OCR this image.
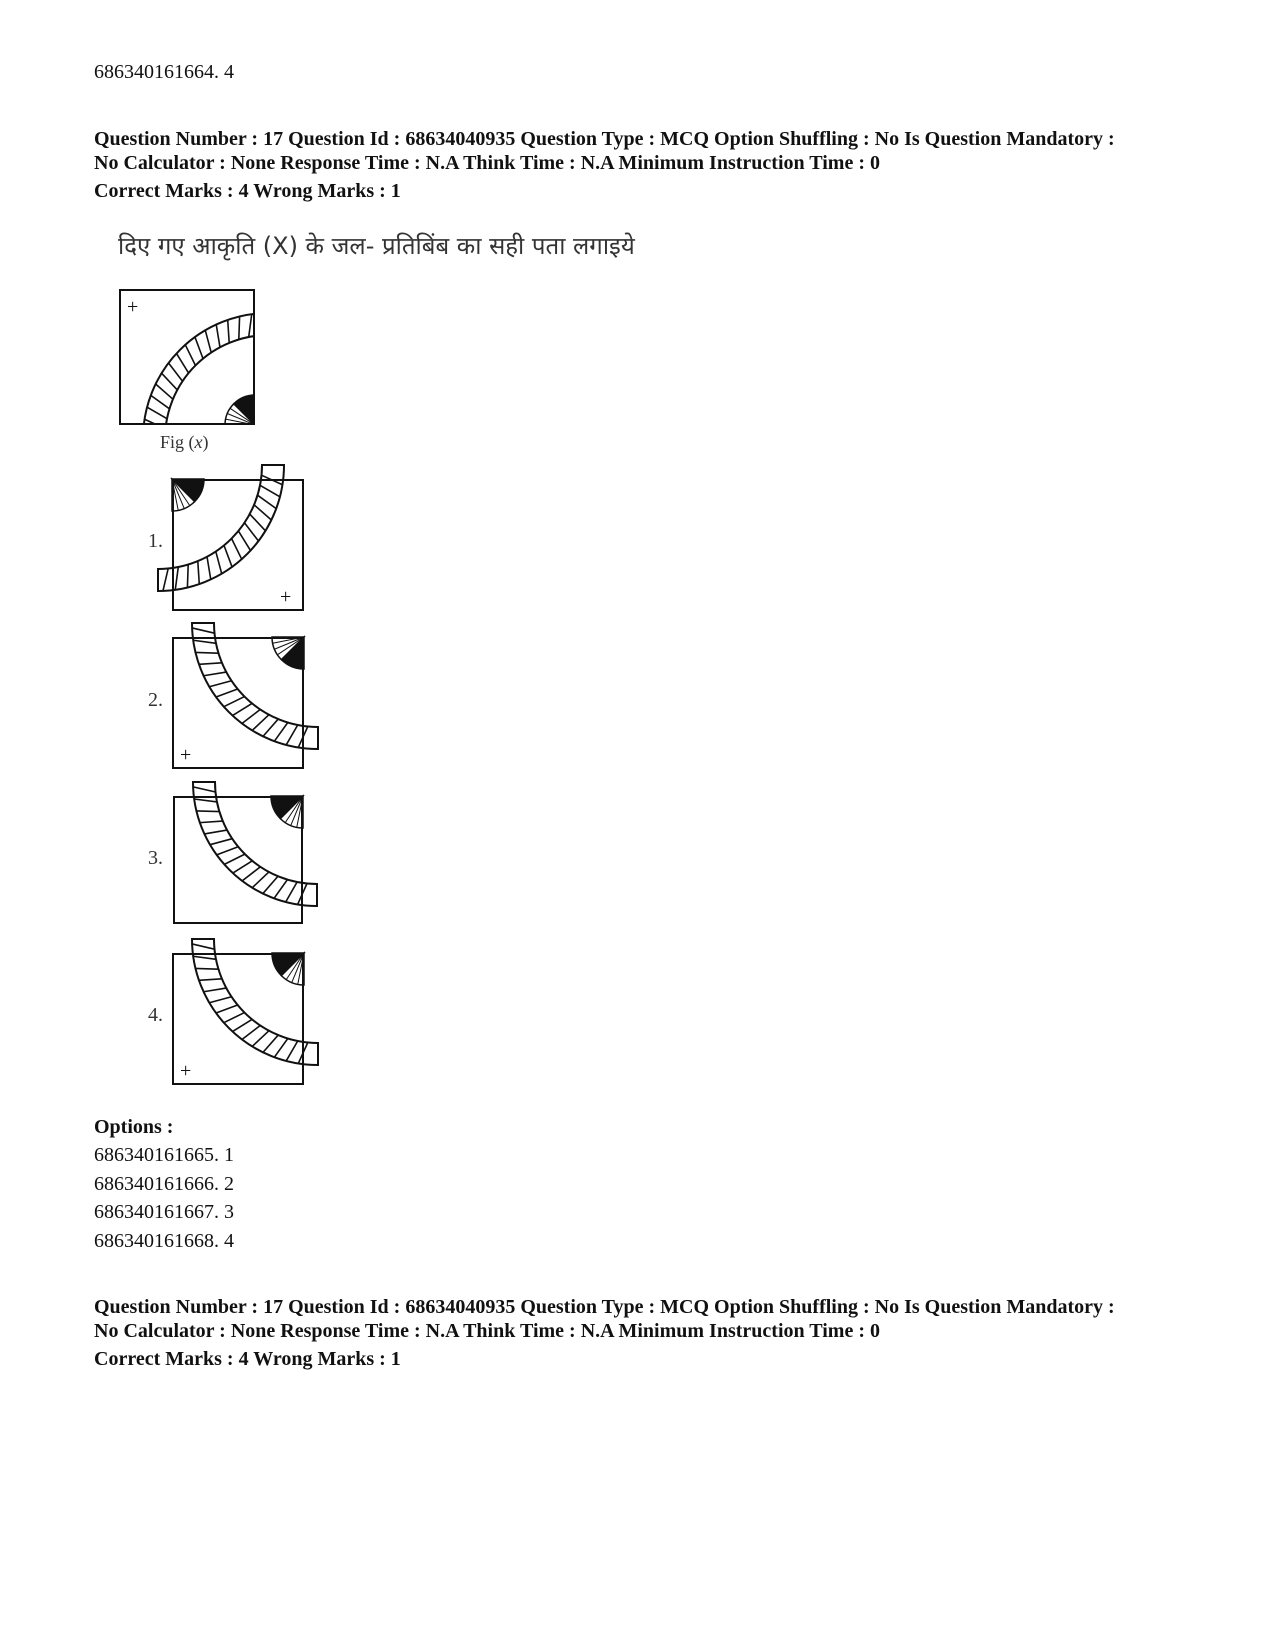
686340161664. 4
Question Number : 17 Question Id : 68634040935 Question Type : MCQ Option Shuffling : No Is Question Mandatory :
No Calculator : None Response Time : N.A Think Time : N.A Minimum Instruction Time : 0
Correct Marks : 4 Wrong Marks : 1
दिए गए आकृति (X) के जल- प्रतिबिंब का सही पता लगाइये
+
Fig (x)
1.
+
2.
+
3.
4.
+
Options :
686340161665. 1
686340161666. 2
686340161667. 3
686340161668. 4
Question Number : 17 Question Id : 68634040935 Question Type : MCQ Option Shuffling : No Is Question Mandatory :
No Calculator : None Response Time : N.A Think Time : N.A Minimum Instruction Time : 0
Correct Marks : 4 Wrong Marks : 1
